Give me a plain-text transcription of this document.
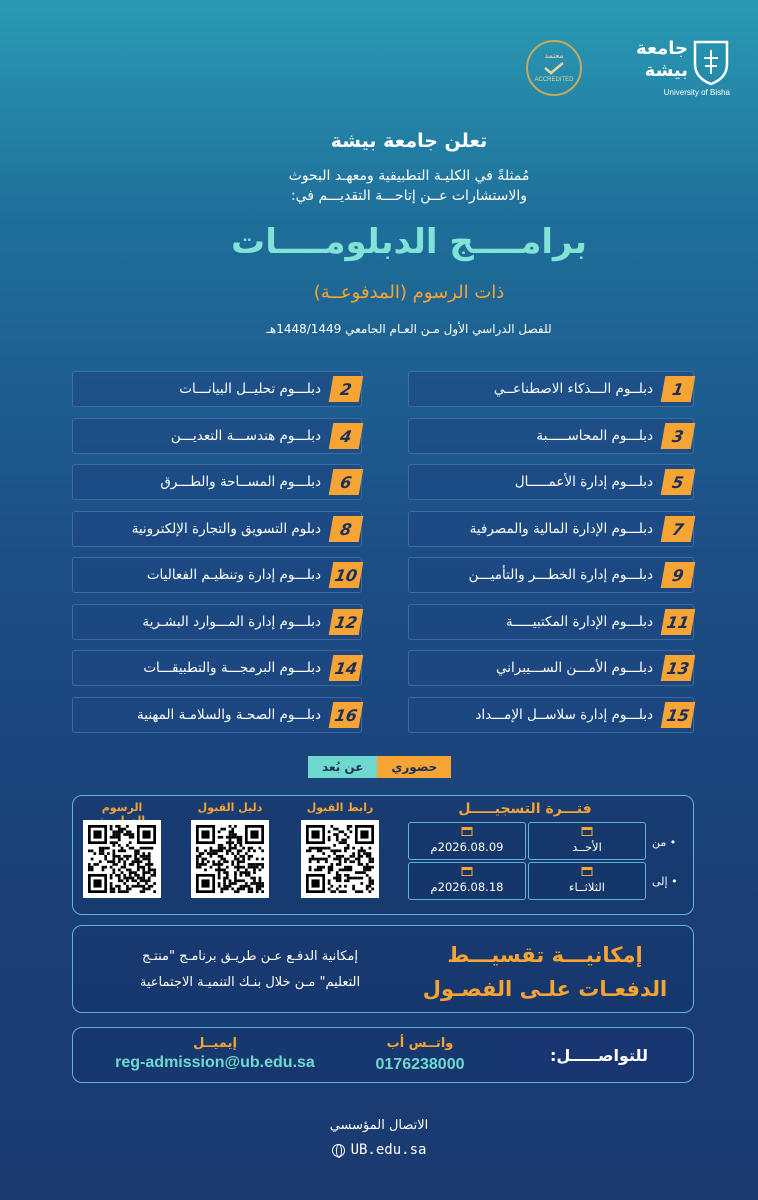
جامعة
بيشة
University of Bisha
معتمد
ACCREDITED
تعلن جامعة بيشة
مُمثلةً في الكليـة التطبيقية ومعهـد البحوث
والاستشارات عــن إتاحـــة التقديـــم في:
برامــــج الدبلومــــات
ذات الرسوم (المدفوعــة)
للفصل الدراسي الأول مـن العـام الجامعي 1448/1449هـ
1
دبلــوم الـــذكاء الاصطناعــي
2
دبلـــوم تحليــل البيانـــات
3
دبلـــوم المحاســـــبة
4
دبلـــوم هندســـة التعديـــن
5
دبلـــوم إدارة الأعمـــــال
6
دبلـــوم المســاحة والطـــرق
7
دبلـــوم الإدارة المالية والمصرفية
8
دبلوم التسويق والتجارة الإلكترونية
9
دبلـــوم إدارة الخطـــر والتأميـــن
10
دبلـــوم إدارة وتنظيـم الفعاليات
11
دبلـــوم الإدارة المكتبيـــــة
12
دبلـــوم إدارة المـــوارد البشـرية
13
دبلـــوم الأمـــن الســـيبراني
14
دبلـــوم البرمجـــة والتطبيقـــات
15
دبلـــوم إدارة سلاســل الإمـــداد
16
دبلـــوم الصحـة والسلامـة المهنية
حضوري
عن بُعد
فتـــرة التسجيـــــل
• من
• إلى
الأحــد
2026.08.09م
الثلاثــاء
2026.08.18م
رابط القبول
دليل القبول
الرسوم
إمكانيـــة تقسيـــط
الدفعـات علـى الفصـول
إمكانية الدفـع عـن طريـق برنامـج "منتـج
التعليم" مـن خلال بنـك التنميـة الاجتماعية
للتواصـــــل:
واتــس أب
0176238000
إيميــل
reg-admission@ub.edu.sa
الاتصال المؤسسي
UB.edu.sa
